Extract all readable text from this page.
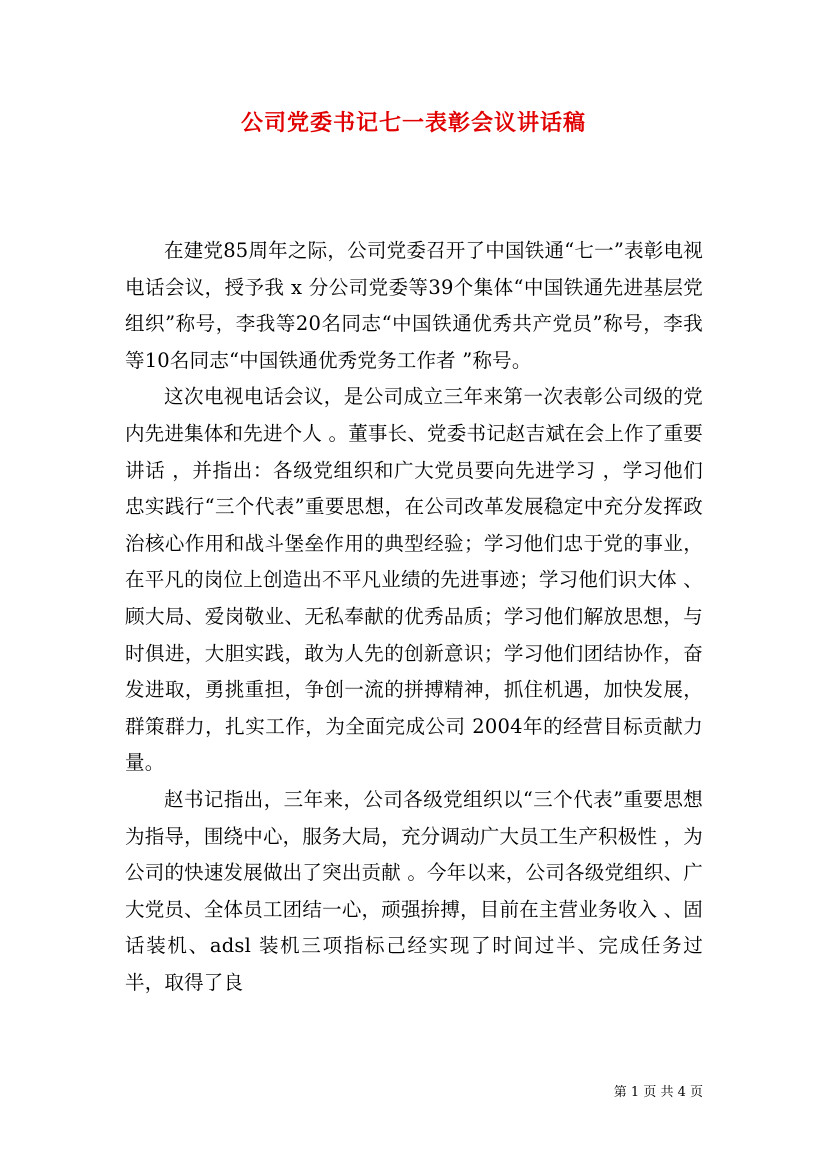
公司党委书记七一表彰会议讲话稿

在建党85周年之际，公司党委召开了中国铁通“七一”表彰电视电话会议，授予我 x 分公司党委等39个集体“中国铁通先进基层党组织”称号，李我等20名同志“中国铁通优秀共产党员”称号，李我等10名同志“中国铁通优秀党务工作者 ”称号。

这次电视电话会议，是公司成立三年来第一次表彰公司级的党内先进集体和先进个人 。董事长、党委书记赵吉斌在会上作了重要讲话 ，并指出：各级党组织和广大党员要向先进学习 ，学习他们忠实践行“三个代表”重要思想，在公司改革发展稳定中充分发挥政治核心作用和战斗堡垒作用的典型经验；学习他们忠于党的事业，在平凡的岗位上创造出不平凡业绩的先进事迹；学习他们识大体 、顾大局、爱岗敬业、无私奉献的优秀品质；学习他们解放思想，与时俱进，大胆实践，敢为人先的创新意识；学习他们团结协作，奋发进取，勇挑重担，争创一流的拼搏精神，抓住机遇，加快发展，群策群力，扎实工作，为全面完成公司 2004年的经营目标贡献力量。

赵书记指出，三年来，公司各级党组织以“三个代表”重要思想为指导，围绕中心，服务大局，充分调动广大员工生产积极性 ，为公司的快速发展做出了突出贡献 。今年以来，公司各级党组织、广大党员、全体员工团结一心，顽强拚搏，目前在主营业务收入 、固话装机、adsl 装机三项指标己经实现了时间过半、完成任务过半，取得了良

第 1 页 共 4 页
